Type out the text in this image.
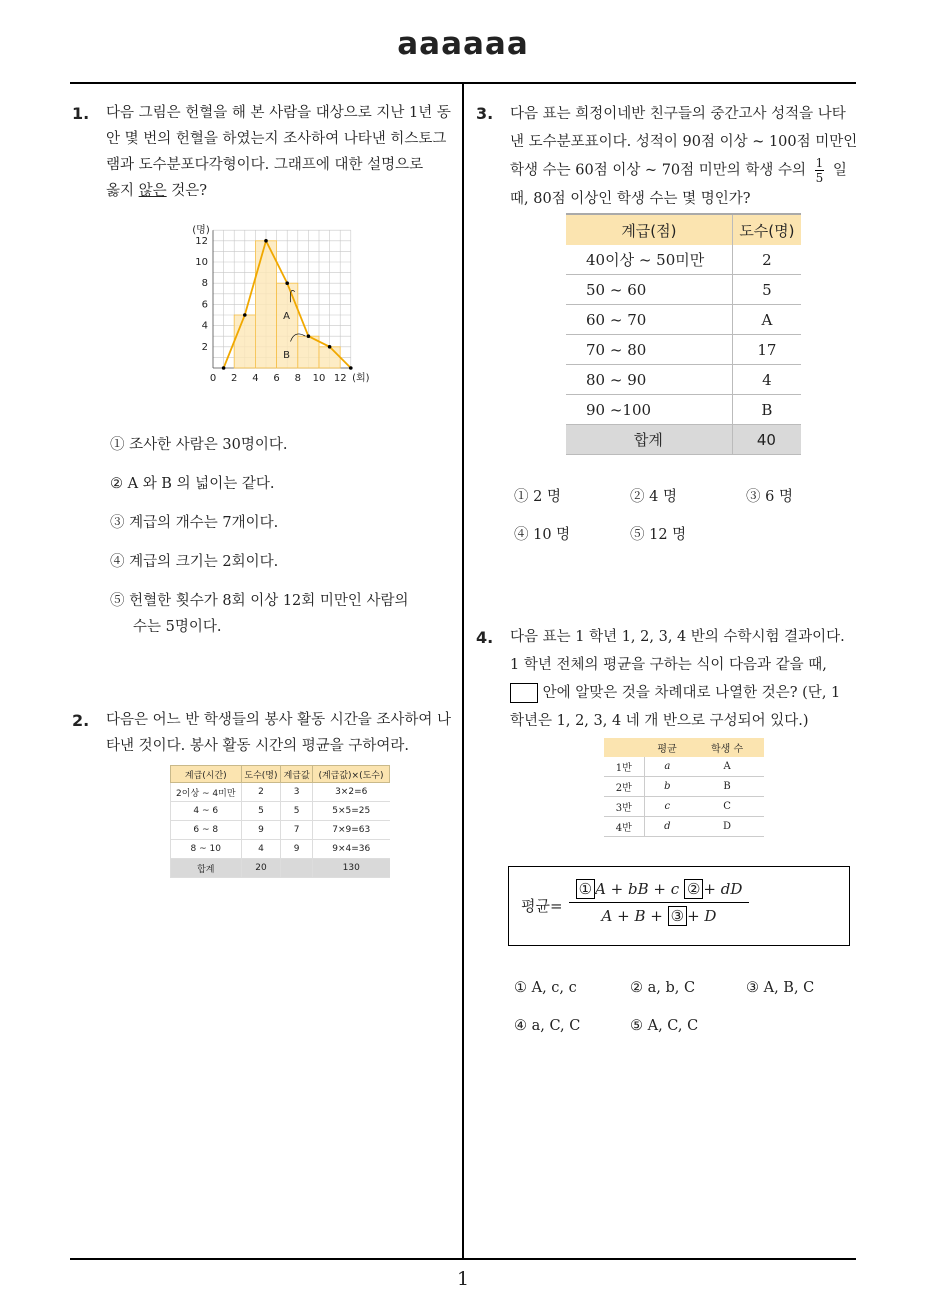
aaaaaa
1
1. 다음 그림은 헌혈을 해 본 사람을 대상으로 지난 1년 동안 몇 번의 헌혈을 하였는지 조사하여 나타낸 히스토그램과 도수분포다각형이다. 그래프에 대한 설명으로
옳지 않은 것은?
0 2 4 6 8 10 12
2
4
6
8
10
12
(명)
(회)
A
B
① 조사한 사람은 30명이다.
② A 와 B 의 넓이는 같다.
③ 계급의 개수는 7개이다.
④ 계급의 크기는 2회이다.
⑤ 헌혈한 횟수가 8회 이상 12회 미만인 사람의
수는 5명이다.
2. 다음은 어느 반 학생들의 봉사 활동 시간을 조사하여 나타낸 것이다. 봉사 활동 시간의 평균을 구하여라.
계급(시간)	도수(명)	계급값	(계급값)×(도수)
2이상 ~ 4미만	2	3	3×2=6
4 ~ 6	5	5	5×5=25
6 ~ 8	9	7	7×9=63
8 ~ 10	4	9	9×4=36
합계	20		130
3. 다음 표는 희정이네반 친구들의 중간고사 성적을 나타
낸 도수분포표이다. 성적이 90점 이상 ~ 100점 미만인
학생 수는 60점 이상 ~ 70점 미만의 학생 수의 $\frac{1}{5}$ 일
때, 80점 이상인 학생 수는 몇 명인가?
계급(점)	도수(명)
40이상 ~ 50미만	2
50 ~ 60	5
60 ~ 70	A
70 ~ 80	17
80 ~ 90	4
90 ~100	B
합계	40
① 2 명	② 4 명	③ 6 명
④ 10 명	⑤ 12 명
4. 다음 표는 1 학년 1, 2, 3, 4 반의 수학시험 결과이다.
1 학년 전체의 평균을 구하는 식이 다음과 같을 때,
안에 알맞은 것을 차례대로 나열한 것은? (단, 1
학년은 1, 2, 3, 4 네 개 반으로 구성되어 있다.)
	평균	학생 수
1반	a	A
2반	b	B
3반	c	C
4반	d	D
평균= $\frac{\text{① A + bB + c ② + dD}}{\text{A + B + ③ + D}}$
① A, c, c	② a, b, C	③ A, B, C
④ a, C, C	⑤ A, C, C
